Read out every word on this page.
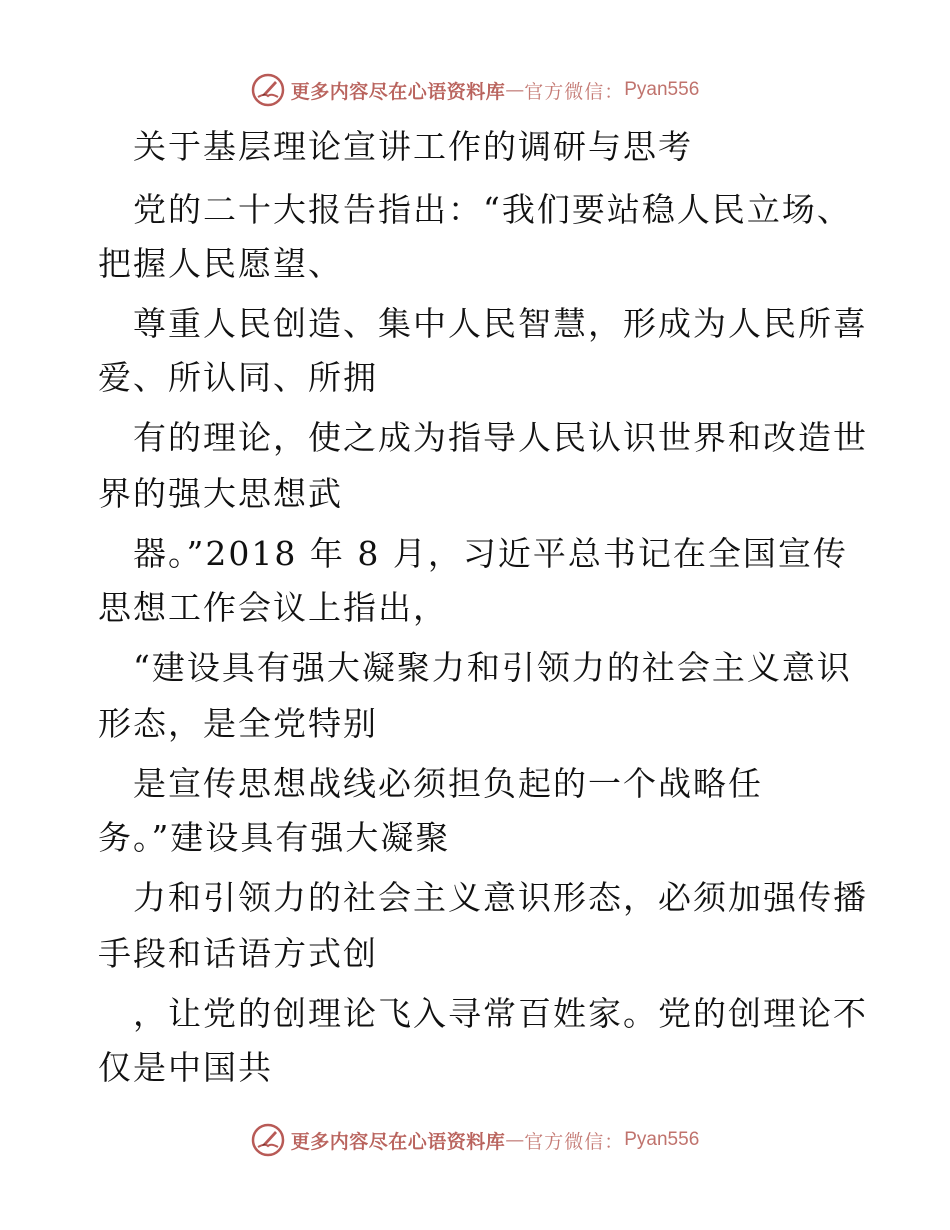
更多内容尽在心语资料库 — 官方微信： Pyan556
关于基层理论宣讲工作的调研与思考
党的二十大报告指出：“我们要站稳人民立场、
把握人民愿望、
尊重人民创造、集中人民智慧，形成为人民所喜
爱、所认同、所拥
有的理论，使之成为指导人民认识世界和改造世
界的强大思想武
器。”2018 年 8 月，习近平总书记在全国宣传
思想工作会议上指出，
“建设具有强大凝聚力和引领力的社会主义意识
形态，是全党特别
是宣传思想战线必须担负起的一个战略任
务。”建设具有强大凝聚
力和引领力的社会主义意识形态，必须加强传播
手段和话语方式创
，让党的创理论飞入寻常百姓家。党的创理论不
仅是中国共
更多内容尽在心语资料库 — 官方微信： Pyan556
